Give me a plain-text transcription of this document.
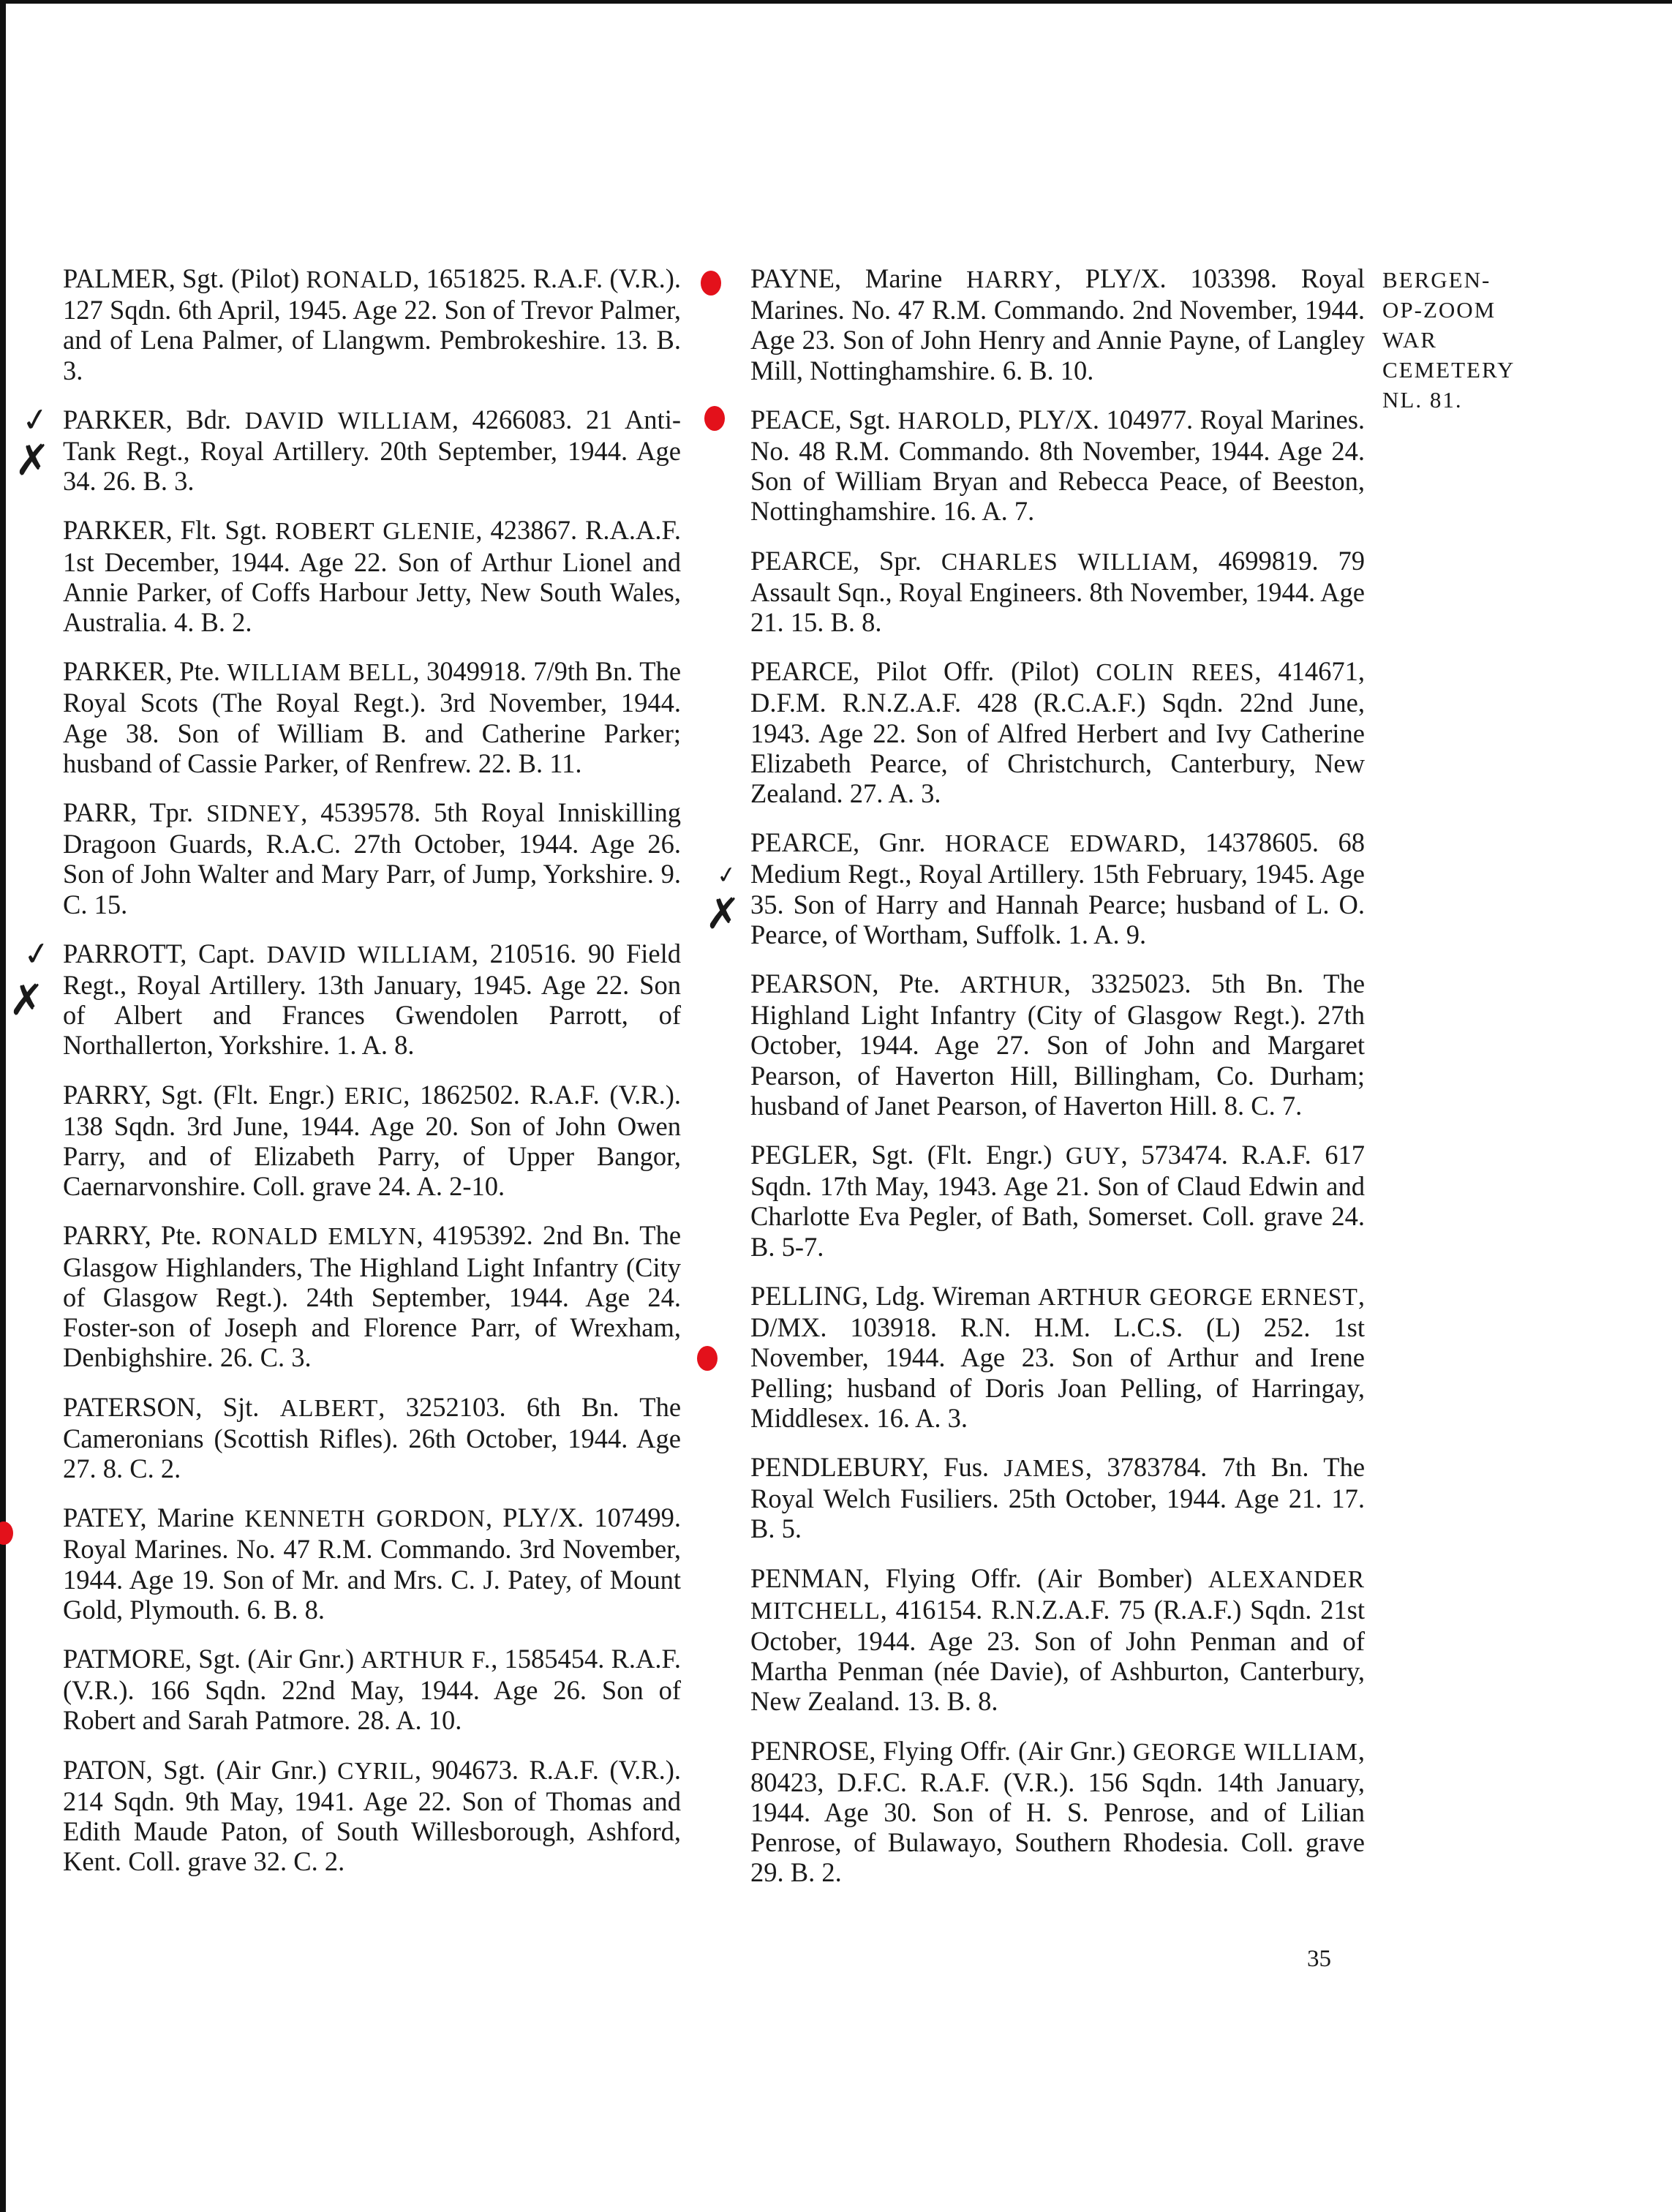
PALMER, Sgt. (Pilot) RONALD, 1651825. R.A.F. (V.R.). 127 Sqdn. 6th April, 1945. Age 22. Son of Trevor Palmer, and of Lena Palmer, of Llangwm. Pembrokeshire. 13. B. 3.
PARKER, Bdr. DAVID WILLIAM, 4266083. 21 Anti-Tank Regt., Royal Artillery. 20th September, 1944. Age 34. 26. B. 3.
PARKER, Flt. Sgt. ROBERT GLENIE, 423867. R.A.A.F. 1st December, 1944. Age 22. Son of Arthur Lionel and Annie Parker, of Coffs Harbour Jetty, New South Wales, Australia. 4. B. 2.
PARKER, Pte. WILLIAM BELL, 3049918. 7/9th Bn. The Royal Scots (The Royal Regt.). 3rd November, 1944. Age 38. Son of William B. and Catherine Parker; husband of Cassie Parker, of Renfrew. 22. B. 11.
PARR, Tpr. SIDNEY, 4539578. 5th Royal Inniskilling Dragoon Guards, R.A.C. 27th October, 1944. Age 26. Son of John Walter and Mary Parr, of Jump, Yorkshire. 9. C. 15.
PARROTT, Capt. DAVID WILLIAM, 210516. 90 Field Regt., Royal Artillery. 13th January, 1945. Age 22. Son of Albert and Frances Gwendolen Parrott, of Northallerton, Yorkshire. 1. A. 8.
PARRY, Sgt. (Flt. Engr.) ERIC, 1862502. R.A.F. (V.R.). 138 Sqdn. 3rd June, 1944. Age 20. Son of John Owen Parry, and of Elizabeth Parry, of Upper Bangor, Caernarvonshire. Coll. grave 24. A. 2-10.
PARRY, Pte. RONALD EMLYN, 4195392. 2nd Bn. The Glasgow Highlanders, The Highland Light Infantry (City of Glasgow Regt.). 24th September, 1944. Age 24. Foster-son of Joseph and Florence Parr, of Wrexham, Denbighshire. 26. C. 3.
PATERSON, Sjt. ALBERT, 3252103. 6th Bn. The Cameronians (Scottish Rifles). 26th October, 1944. Age 27. 8. C. 2.
PATEY, Marine KENNETH GORDON, PLY/X. 107499. Royal Marines. No. 47 R.M. Commando. 3rd November, 1944. Age 19. Son of Mr. and Mrs. C. J. Patey, of Mount Gold, Plymouth. 6. B. 8.
PATMORE, Sgt. (Air Gnr.) ARTHUR F., 1585454. R.A.F. (V.R.). 166 Sqdn. 22nd May, 1944. Age 26. Son of Robert and Sarah Patmore. 28. A. 10.
PATON, Sgt. (Air Gnr.) CYRIL, 904673. R.A.F. (V.R.). 214 Sqdn. 9th May, 1941. Age 22. Son of Thomas and Edith Maude Paton, of South Willesborough, Ashford, Kent. Coll. grave 32. C. 2.
PAYNE, Marine HARRY, PLY/X. 103398. Royal Marines. No. 47 R.M. Commando. 2nd November, 1944. Age 23. Son of John Henry and Annie Payne, of Langley Mill, Nottinghamshire. 6. B. 10.
PEACE, Sgt. HAROLD, PLY/X. 104977. Royal Marines. No. 48 R.M. Commando. 8th November, 1944. Age 24. Son of William Bryan and Rebecca Peace, of Beeston, Nottinghamshire. 16. A. 7.
PEARCE, Spr. CHARLES WILLIAM, 4699819. 79 Assault Sqn., Royal Engineers. 8th November, 1944. Age 21. 15. B. 8.
PEARCE, Pilot Offr. (Pilot) COLIN REES, 414671, D.F.M. R.N.Z.A.F. 428 (R.C.A.F.) Sqdn. 22nd June, 1943. Age 22. Son of Alfred Herbert and Ivy Catherine Elizabeth Pearce, of Christchurch, Canterbury, New Zealand. 27. A. 3.
PEARCE, Gnr. HORACE EDWARD, 14378605. 68 Medium Regt., Royal Artillery. 15th February, 1945. Age 35. Son of Harry and Hannah Pearce; husband of L. O. Pearce, of Wortham, Suffolk. 1. A. 9.
PEARSON, Pte. ARTHUR, 3325023. 5th Bn. The Highland Light Infantry (City of Glasgow Regt.). 27th October, 1944. Age 27. Son of John and Margaret Pearson, of Haverton Hill, Billingham, Co. Durham; husband of Janet Pearson, of Haverton Hill. 8. C. 7.
PEGLER, Sgt. (Flt. Engr.) GUY, 573474. R.A.F. 617 Sqdn. 17th May, 1943. Age 21. Son of Claud Edwin and Charlotte Eva Pegler, of Bath, Somerset. Coll. grave 24. B. 5-7.
PELLING, Ldg. Wireman ARTHUR GEORGE ERNEST, D/MX. 103918. R.N. H.M. L.C.S. (L) 252. 1st November, 1944. Age 23. Son of Arthur and Irene Pelling; husband of Doris Joan Pelling, of Harringay, Middlesex. 16. A. 3.
PENDLEBURY, Fus. JAMES, 3783784. 7th Bn. The Royal Welch Fusiliers. 25th October, 1944. Age 21. 17. B. 5.
PENMAN, Flying Offr. (Air Bomber) ALEXANDER MITCHELL, 416154. R.N.Z.A.F. 75 (R.A.F.) Sqdn. 21st October, 1944. Age 23. Son of John Penman and of Martha Penman (née Davie), of Ashburton, Canterbury, New Zealand. 13. B. 8.
PENROSE, Flying Offr. (Air Gnr.) GEORGE WILLIAM, 80423, D.F.C. R.A.F. (V.R.). 156 Sqdn. 14th January, 1944. Age 30. Son of H. S. Penrose, and of Lilian Penrose, of Bulawayo, Southern Rhodesia. Coll. grave 29. B. 2.
BERGEN-
OP-ZOOM
WAR
CEMETERY
NL. 81.
35
✓
✗
✓
✗
✓
✗
